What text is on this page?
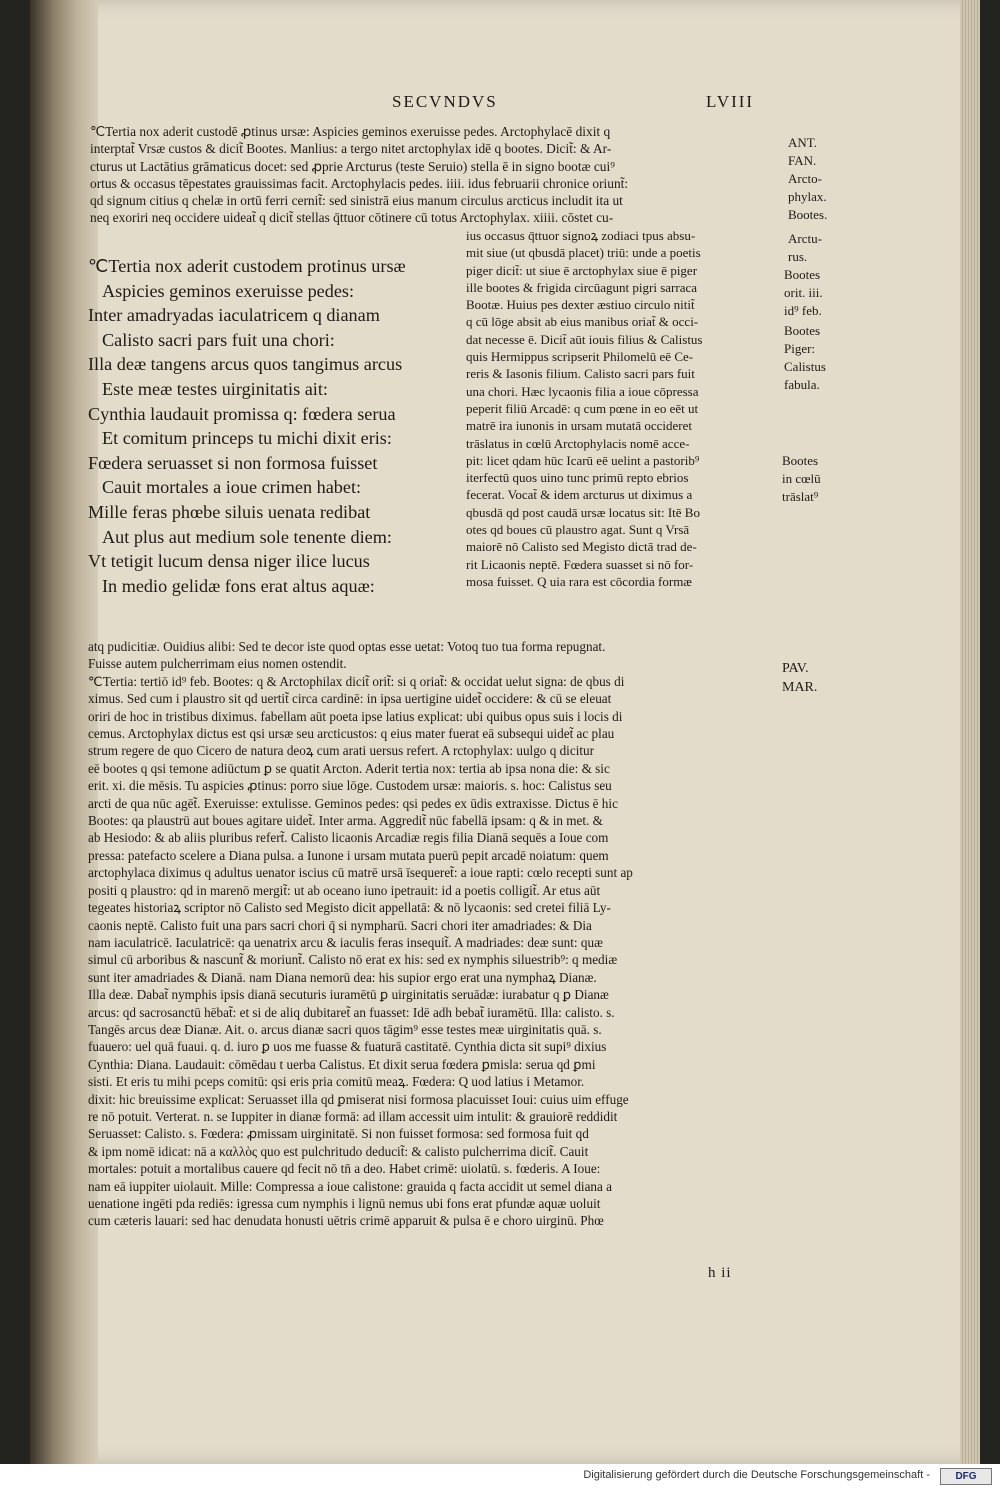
SECVNDVS	LVIII
℃Tertia nox aderit custodē ꝓtinus ursæ: Aspicies geminos exeruisse pedes. Arctophylacē dixit q
interptat̃ Vrsæ custos & dicit̃ Bootes. Manlius: a tergo nitet arctophylax idē q bootes. Dicit̃: & Ar-
cturus ut Lactātius grāmaticus docet: sed ꝓprie Arcturus (teste Seruio) stella ē in signo bootæ cui⁹
ortus & occasus tēpestates grauissimas facit. Arctophylacis pedes. iiii. idus februarii chronice oriunt̃:
qd signum citius q chelæ in ortū ferri cernit̃: sed sinistrā eius manum circulus arcticus includit ita ut
neq exoriri neq occidere uideat̃ q dicit̃ stellas q̄ttuor cōtinere cū totus Arctophylax. xiiii. cōstet cu-
℃Tertia nox aderit custodem protinus ursæ
Aspicies geminos exeruisse pedes:
Inter amadryadas iaculatricem q dianam
Calisto sacri pars fuit una chori:
Illa deæ tangens arcus quos tangimus arcus
Este meæ testes uirginitatis ait:
Cynthia laudauit promissa q: fœdera serua
Et comitum princeps tu michi dixit eris:
Fœdera seruasset si non formosa fuisset
Cauit mortales a ioue crimen habet:
Mille feras phœbe siluis uenata redibat
Aut plus aut medium sole tenente diem:
Vt tetigit lucum densa niger ilice lucus
In medio gelidæ fons erat altus aquæ:
ius occasus q̄ttuor signoꝝ zodiaci tpus absu-
mit siue (ut qbusdā placet) triū: unde a poetis
piger dicit̃: ut siue ē arctophylax siue ē piger
ille bootes & frigida circūagunt pigri sarraca
Bootæ. Huius pes dexter æstiuo circulo nitit̃
q cū lōge absit ab eius manibus oriat̃ & occi-
dat necesse ē. Dicit̃ aūt iouis filius & Calistus
quis Hermippus scripserit Philomelū eē Ce-
reris & Iasonis filium. Calisto sacri pars fuit
una chori. Hæc lycaonis filia a ioue cōpressa
peperit filiū Arcadē: q cum pœne in eo eēt ut
matrē ira iunonis in ursam mutatā occideret
trāslatus in cœlū Arctophylacis nomē acce-
pit: licet qdam hūc Icarū eē uelint a pastorib⁹
iterfectū quos uino tunc primū repto ebrios
fecerat. Vocat̃ & idem arcturus ut diximus a
qbusdā qd post caudā ursæ locatus sit: Itē Bo
otes qd boues cū plaustro agat. Sunt q Vrsā
maiorē nō Calisto sed Megisto dictā trad de-
rit Licaonis neptē. Fœdera suasset si nō for-
mosa fuisset. Q uia rara est cōcordia formæ
atq pudicitiæ. Ouidius alibi: Sed te decor iste quod optas esse uetat: Votoq tuo tua forma repugnat.
Fuisse autem pulcherrimam eius nomen ostendit.
℃Tertia: tertiō id⁹ feb. Bootes: q & Arctophilax dicit̃ orit̃: si q oriat̃: & occidat uelut signa: de qbus di
ximus. Sed cum i plaustro sit qd uertit̃ circa cardinē: in ipsa uertigine uidet̃ occidere: & cū se eleuat
oriri de hoc in tristibus diximus. fabellam aūt poeta ipse latius explicat: ubi quibus opus suis i locis di
cemus. Arctophylax dictus est qsi ursæ seu arcticustos: q eius mater fuerat eā subsequi uidet̃ ac plau
strum regere de quo Cicero de natura deoꝝ cum arati uersus refert. A rctophylax: uulgo q dicitur
eē bootes q qsi temone adiūctum ꝑ se quatit Arcton. Aderit tertia nox: tertia ab ipsa nona die: & sic
erit. xi. die mēsis. Tu aspicies ꝓtinus: porro siue lōge. Custodem ursæ: maioris. s. hoc: Calistus seu
arcti de qua nūc agēt̃. Exeruisse: extulisse. Geminos pedes: qsi pedes ex ūdis extraxisse. Dictus ē hic
Bootes: qa plaustrū aut boues agitare uidet̃. Inter arma. Aggredit̃ nūc fabellā ipsam: q & in met. &
ab Hesiodo: & ab aliis pluribus refert̃. Calisto licaonis Arcadiæ regis filia Dianā sequēs a Ioue com
pressa: patefacto scelere a Diana pulsa. a Iunone i ursam mutata puerū pepit arcadē noiatum: quem
arctophylaca diximus q adultus uenator iscius cū matrē ursā īsequeret̃: a ioue rapti: cœlo recepti sunt ap
positi q plaustro: qd in marenō mergit̃: ut ab oceano iuno ipetrauit: id a poetis colligit̃. Ar etus aūt
tegeates historiaꝝ scriptor nō Calisto sed Megisto dicit appellatā: & nō lycaonis: sed cretei filiā Ly-
caonis neptē. Calisto fuit una pars sacri chori q̄ si nympharū. Sacri chori iter amadriades: & Dia
nam iaculatricē. Iaculatricē: qa uenatrix arcu & iaculis feras insequit̃. A madriades: deæ sunt: quæ
simul cū arboribus & nascunt̃ & moriunt̃. Calisto nō erat ex his: sed ex nymphis siluestrib⁹: q mediæ
sunt iter amadriades & Dianā. nam Diana nemorū dea: his supior ergo erat una nymphaꝝ Dianæ.
Illa deæ. Dabat̃ nymphis ipsis dianā secuturis iuramētū ꝑ uirginitatis seruādæ: iurabatur q ꝑ Dianæ
arcus: qd sacrosanctū hēbat̃: et si de aliq dubitaret̃ an fuasset: Idē adh bebat̃ iuramētū. Illa: calisto. s.
Tangēs arcus deæ Dianæ. Ait. o. arcus dianæ sacri quos tāgim⁹ esse testes meæ uirginitatis quā. s.
fuauero: uel quā fuaui. q. d. iuro ꝑ uos me fuasse & fuaturā castitatē. Cynthia dicta sit supi⁹ dixius
Cynthia: Diana. Laudauit: cōmēdau t uerba Calistus. Et dixit serua fœdera ꝑmisla: serua qd ꝑmi
sisti. Et eris tu mihi pceps comitū: qsi eris pria comitū meaꝝ. Fœdera: Q uod latius i Metamor.
dixit: hic breuissime explicat: Seruasset illa qd ꝑmiserat nisi formosa placuisset Ioui: cuius uim effuge
re nō potuit. Verterat. n. se Iuppiter in dianæ formā: ad illam accessit uim intulit: & grauiorē reddidit
Seruasset: Calisto. s. Fœdera: ꝓmissam uirginitatē. Si non fuisset formosa: sed formosa fuit qd
& ipm nomē idicat: nā a καλλὸς quo est pulchritudo deducit̃: & calisto pulcherrima dicit̃. Cauit
mortales: potuit a mortalibus cauere qd fecit nō tn̄ a deo. Habet crimē: uiolatū. s. fœderis. A Ioue:
nam eā iuppiter uiolauit. Mille: Compressa a ioue calistone: grauida q facta accidit ut semel diana a
uenatione ingēti pda rediēs: igressa cum nymphis i lignū nemus ubi fons erat pfundæ aquæ uoluit
cum cæteris lauari: sed hac denudata honusti uētris crimē apparuit & pulsa ē e choro uirginū. Phœ
ANT.
FAN.
Arcto-
phylax.
Bootes.
Arctu-
rus.
Bootes
orit. iii.
id⁹ feb.
Bootes
Piger:
Calistus
fabula.
Bootes
in cœlū
trāslat⁹
PAV.
MAR.
h ii
Digitalisierung gefördert durch die Deutsche Forschungsgemeinschaft -	DFG
